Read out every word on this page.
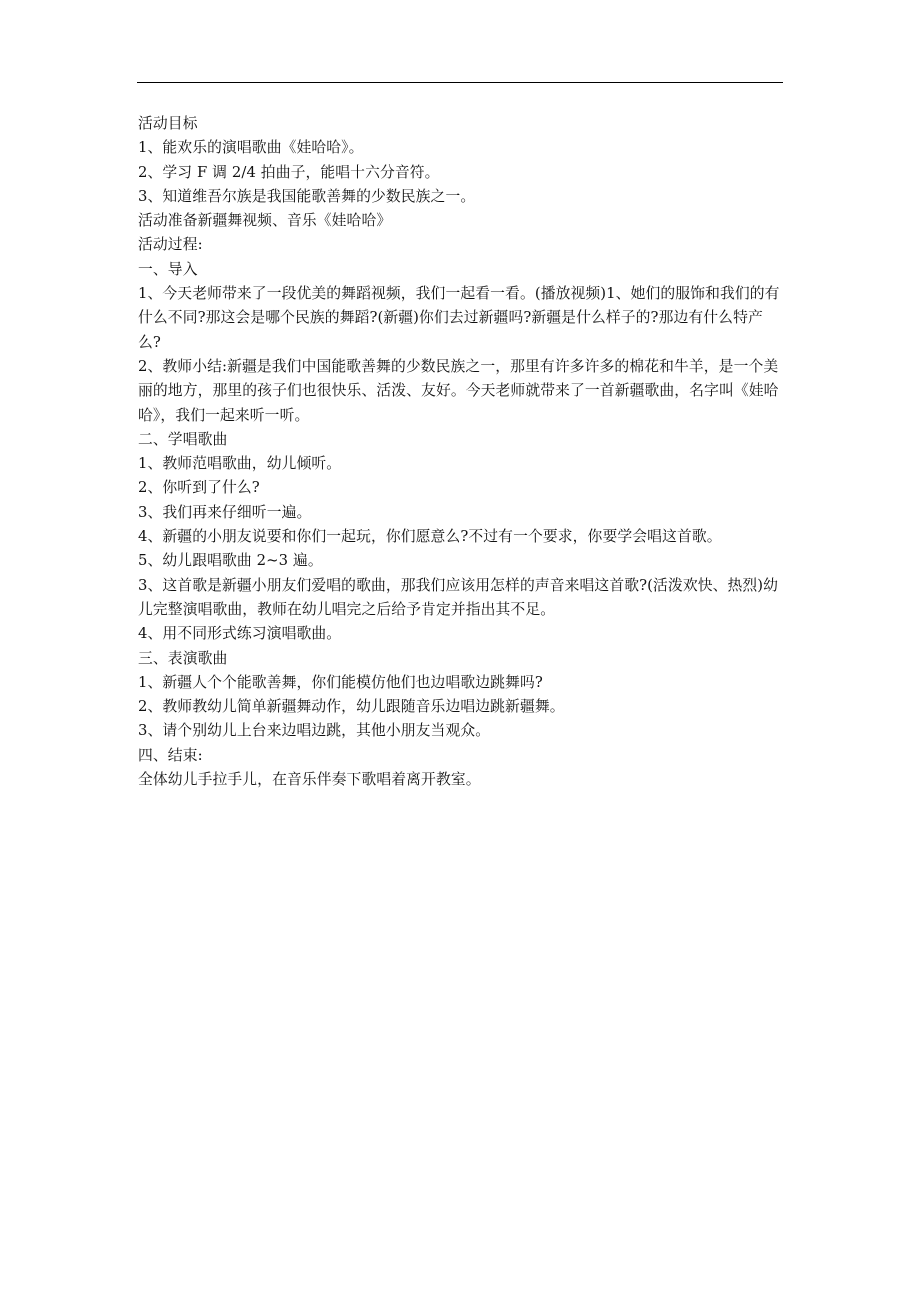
活动目标

1、能欢乐的演唱歌曲《娃哈哈》。

2、学习 F 调 2/4 拍曲子，能唱十六分音符。

3、知道维吾尔族是我国能歌善舞的少数民族之一。

活动准备新疆舞视频、音乐《娃哈哈》

活动过程:

一、导入

1、今天老师带来了一段优美的舞蹈视频，我们一起看一看。(播放视频)1、她们的服饰和我们的有什么不同?那这会是哪个民族的舞蹈?(新疆)你们去过新疆吗?新疆是什么样子的?那边有什么特产么?

2、教师小结:新疆是我们中国能歌善舞的少数民族之一，那里有许多许多的棉花和牛羊，是一个美丽的地方，那里的孩子们也很快乐、活泼、友好。今天老师就带来了一首新疆歌曲，名字叫《娃哈哈》，我们一起来听一听。

二、学唱歌曲

1、教师范唱歌曲，幼儿倾听。

2、你听到了什么?

3、我们再来仔细听一遍。

4、新疆的小朋友说要和你们一起玩，你们愿意么?不过有一个要求，你要学会唱这首歌。

5、幼儿跟唱歌曲 2~3 遍。

3、这首歌是新疆小朋友们爱唱的歌曲，那我们应该用怎样的声音来唱这首歌?(活泼欢快、热烈)幼儿完整演唱歌曲，教师在幼儿唱完之后给予肯定并指出其不足。

4、用不同形式练习演唱歌曲。

三、表演歌曲

1、新疆人个个能歌善舞，你们能模仿他们也边唱歌边跳舞吗?

2、教师教幼儿简单新疆舞动作，幼儿跟随音乐边唱边跳新疆舞。

3、请个别幼儿上台来边唱边跳，其他小朋友当观众。

四、结束:

全体幼儿手拉手儿，在音乐伴奏下歌唱着离开教室。
